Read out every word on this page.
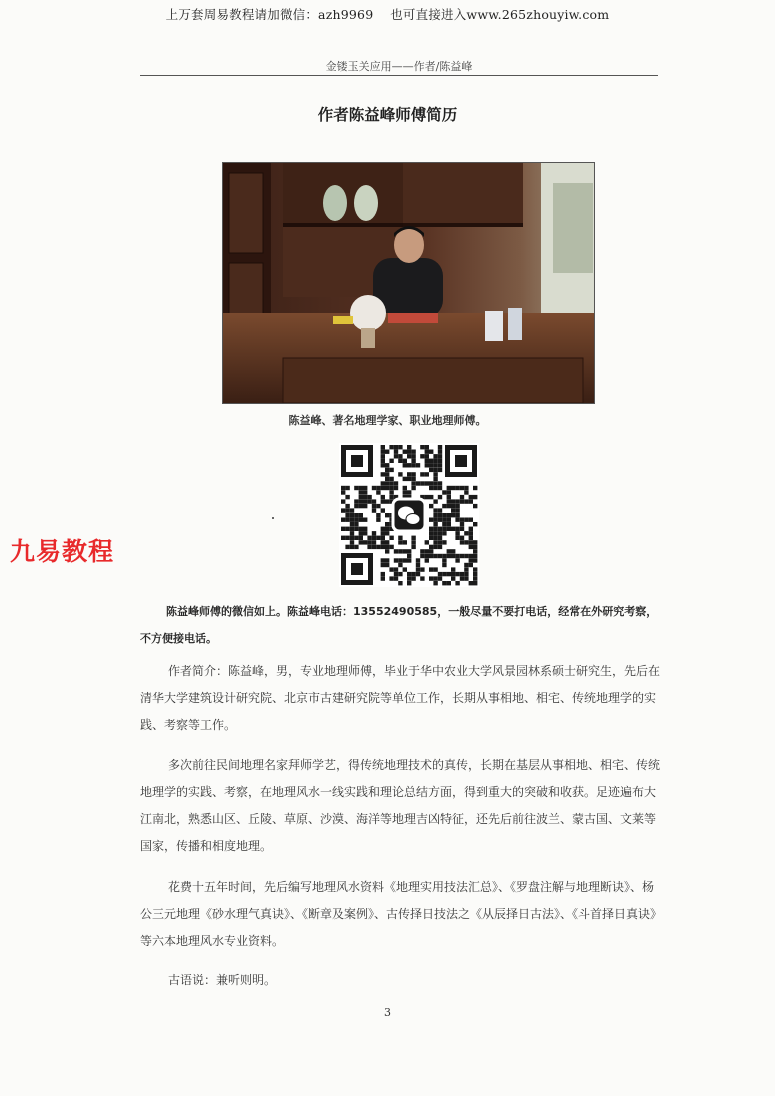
上万套周易教程请加微信：azh9969　 也可直接进入www.265zhouyiw.com
金镂玉关应用——作者/陈益峰
作者陈益峰师傅简历
陈益峰、著名地理学家、职业地理师傅。
九易教程
陈益峰师傅的微信如上。陈益峰电话：13552490585，一般尽量不要打电话，经常在外研究考察，不方便接电话。

作者简介：陈益峰，男，专业地理师傅，毕业于华中农业大学风景园林系硕士研究生，先后在清华大学建筑设计研究院、北京市古建研究院等单位工作，长期从事相地、相宅、传统地理学的实践、考察等工作。

多次前往民间地理名家拜师学艺，得传统地理技术的真传，长期在基层从事相地、相宅、传统地理学的实践、考察，在地理风水一线实践和理论总结方面，得到重大的突破和收获。足迹遍布大江南北，熟悉山区、丘陵、草原、沙漠、海洋等地理吉凶特征，还先后前往波兰、蒙古国、文莱等国家，传播和相度地理。

花费十五年时间，先后编写地理风水资料《地理实用技法汇总》、《罗盘注解与地理断诀》、杨公三元地理《砂水理气真诀》、《断章及案例》、古传择日技法之《从辰择日古法》、《斗首择日真诀》等六本地理风水专业资料。

古语说：兼听则明。

3
